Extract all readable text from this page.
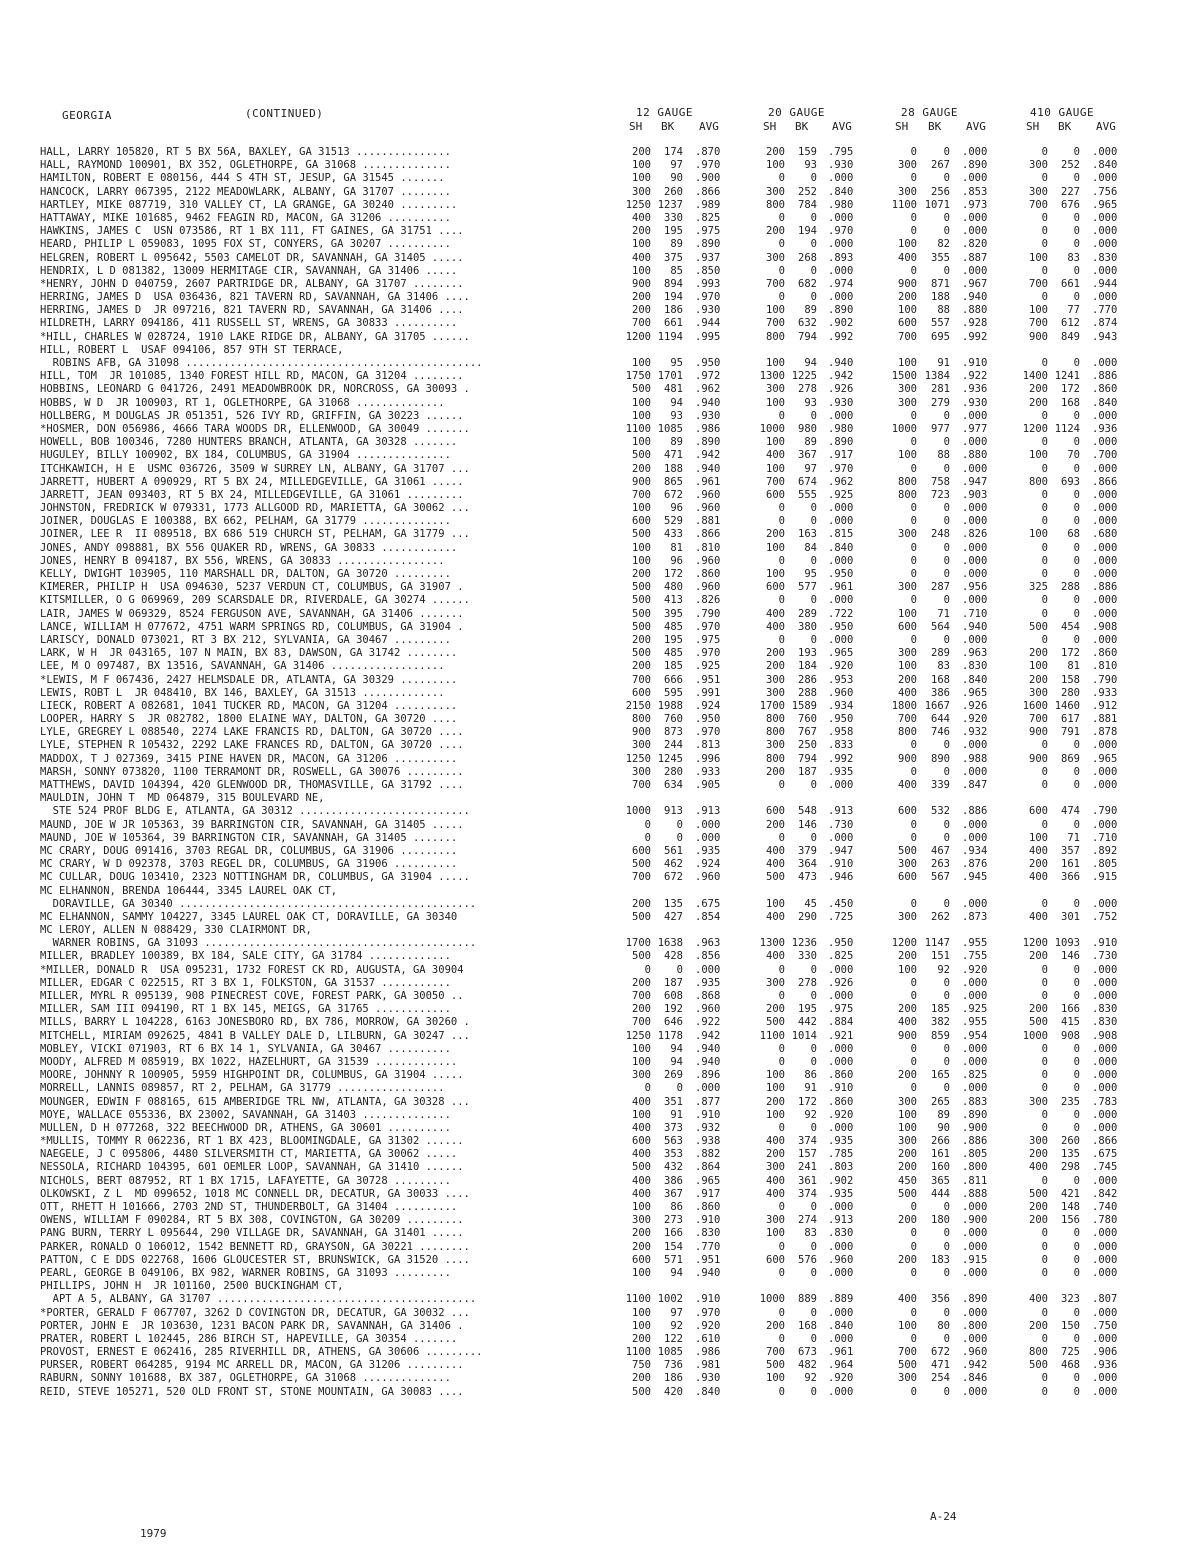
GEORGIA	(CONTINUED)	12 GAUGE	20 GAUGE	28 GAUGE	410 GAUGE
SH BK AVG	SH BK AVG	SH BK AVG	SH BK AVG
HALL, LARRY 105820, RT 5 BX 56A, BAXLEY, GA 31513 ...............	200	174 .870	200	159 .795	0	0 .000	0	0 .000
HALL, RAYMOND 100901, BX 352, OGLETHORPE, GA 31068 ..............	100	97 .970	100	93 .930	300	267 .890	300	252 .840
HAMILTON, ROBERT E 080156, 444 S 4TH ST, JESUP, GA 31545 .......	100	90 .900	0	0 .000	0	0 .000	0	0 .000
HANCOCK, LARRY 067395, 2122 MEADOWLARK, ALBANY, GA 31707 ........	300	260 .866	300	252 .840	300	256 .853	300	227 .756
HARTLEY, MIKE 087719, 310 VALLEY CT, LA GRANGE, GA 30240 .........	1250 1237 .989	800	784 .980	1100 1071 .973	700	676 .965
HATTAWAY, MIKE 101685, 9462 FEAGIN RD, MACON, GA 31206 ..........	400	330 .825	0	0 .000	0	0 .000	0	0 .000
HAWKINS, JAMES C  USN 073586, RT 1 BX 111, FT GAINES, GA 31751 ....	200	195 .975	200	194 .970	0	0 .000	0	0 .000
HEARD, PHILIP L 059083, 1095 FOX ST, CONYERS, GA 30207 ..........	100	89 .890	0	0 .000	100	82 .820	0	0 .000
HELGREN, ROBERT L 095642, 5503 CAMELOT DR, SAVANNAH, GA 31405 .....	400	375 .937	300	268 .893	400	355 .887	100	83 .830
HENDRIX, L D 081382, 13009 HERMITAGE CIR, SAVANNAH, GA 31406 .....	100	85 .850	0	0 .000	0	0 .000	0	0 .000
*HENRY, JOHN D 040759, 2607 PARTRIDGE DR, ALBANY, GA 31707 ........	900	894 .993	700	682 .974	900	871 .967	700	661 .944
HERRING, JAMES D  USA 036436, 821 TAVERN RD, SAVANNAH, GA 31406 ....	200	194 .970	0	0 .000	200	188 .940	0	0 .000
HERRING, JAMES D  JR 097216, 821 TAVERN RD, SAVANNAH, GA 31406 ....	200	186 .930	100	89 .890	100	88 .880	100	77 .770
HILDRETH, LARRY 094186, 411 RUSSELL ST, WRENS, GA 30833 ..........	700	661 .944	700	632 .902	600	557 .928	700	612 .874
*HILL, CHARLES W 028724, 1910 LAKE RIDGE DR, ALBANY, GA 31705 ......	1200 1194 .995	800	794 .992	700	695 .992	900	849 .943
HILL, ROBERT L  USAF 094106, 857 9TH ST TERRACE,
ROBINS AFB, GA 31098 ...............................................	100	95 .950	100	94 .940	100	91 .910	0	0 .000
HILL, TOM  JR 101085, 1340 FOREST HILL RD, MACON, GA 31204 ........	1750 1701 .972	1300 1225 .942	1500 1384 .922	1400 1241 .886
HOBBINS, LEONARD G 041726, 2491 MEADOWBROOK DR, NORCROSS, GA 30093 .	500	481 .962	300	278 .926	300	281 .936	200	172 .860
HOBBS, W D  JR 100903, RT 1, OGLETHORPE, GA 31068 ..............	100	94 .940	100	93 .930	300	279 .930	200	168 .840
HOLLBERG, M DOUGLAS JR 051351, 526 IVY RD, GRIFFIN, GA 30223 ......	100	93 .930	0	0 .000	0	0 .000	0	0 .000
*HOSMER, DON 056986, 4666 TARA WOODS DR, ELLENWOOD, GA 30049 .......	1100 1085 .986	1000	980 .980	1000	977 .977	1200 1124 .936
HOWELL, BOB 100346, 7280 HUNTERS BRANCH, ATLANTA, GA 30328 .......	100	89 .890	100	89 .890	0	0 .000	0	0 .000
HUGULEY, BILLY 100902, BX 184, COLUMBUS, GA 31904 ...............	500	471 .942	400	367 .917	100	88 .880	100	70 .700
ITCHKAWICH, H E  USMC 036726, 3509 W SURREY LN, ALBANY, GA 31707 ...	200	188 .940	100	97 .970	0	0 .000	0	0 .000
JARRETT, HUBERT A 090929, RT 5 BX 24, MILLEDGEVILLE, GA 31061 .....	900	865 .961	700	674 .962	800	758 .947	800	693 .866
JARRETT, JEAN 093403, RT 5 BX 24, MILLEDGEVILLE, GA 31061 .........	700	672 .960	600	555 .925	800	723 .903	0	0 .000
JOHNSTON, FREDRICK W 079331, 1773 ALLGOOD RD, MARIETTA, GA 30062 ...	100	96 .960	0	0 .000	0	0 .000	0	0 .000
JOINER, DOUGLAS E 100388, BX 662, PELHAM, GA 31779 ..............	600	529 .881	0	0 .000	0	0 .000	0	0 .000
JOINER, LEE R  II 089518, BX 686 519 CHURCH ST, PELHAM, GA 31779 ...	500	433 .866	200	163 .815	300	248 .826	100	68 .680
JONES, ANDY 098881, BX 556 QUAKER RD, WRENS, GA 30833 ............	100	81 .810	100	84 .840	0	0 .000	0	0 .000
JONES, HENRY B 094187, BX 556, WRENS, GA 30833 .................	100	96 .960	0	0 .000	0	0 .000	0	0 .000
KELLY, DWIGHT 103905, 110 MARSHALL DR, DALTON, GA 30720 .........	200	172 .860	100	95 .950	0	0 .000	0	0 .000
KIMERER, PHILIP H  USA 094630, 5237 VERDUN CT, COLUMBUS, GA 31907 .	500	480 .960	600	577 .961	300	287 .956	325	288 .886
KITSMILLER, O G 069969, 209 SCARSDALE DR, RIVERDALE, GA 30274 ......	500	413 .826	0	0 .000	0	0 .000	0	0 .000
LAIR, JAMES W 069329, 8524 FERGUSON AVE, SAVANNAH, GA 31406 .......	500	395 .790	400	289 .722	100	71 .710	0	0 .000
LANCE, WILLIAM H 077672, 4751 WARM SPRINGS RD, COLUMBUS, GA 31904 .	500	485 .970	400	380 .950	600	564 .940	500	454 .908
LARISCY, DONALD 073021, RT 3 BX 212, SYLVANIA, GA 30467 .........	200	195 .975	0	0 .000	0	0 .000	0	0 .000
LARK, W H  JR 043165, 107 N MAIN, BX 83, DAWSON, GA 31742 ........	500	485 .970	200	193 .965	300	289 .963	200	172 .860
LEE, M O 097487, BX 13516, SAVANNAH, GA 31406 ..................	200	185 .925	200	184 .920	100	83 .830	100	81 .810
*LEWIS, M F 067436, 2427 HELMSDALE DR, ATLANTA, GA 30329 .........	700	666 .951	300	286 .953	200	168 .840	200	158 .790
LEWIS, ROBT L  JR 048410, BX 146, BAXLEY, GA 31513 .............	600	595 .991	300	288 .960	400	386 .965	300	280 .933
LIECK, ROBERT A 082681, 1041 TUCKER RD, MACON, GA 31204 ..........	2150 1988 .924	1700 1589 .934	1800 1667 .926	1600 1460 .912
LOOPER, HARRY S  JR 082782, 1800 ELAINE WAY, DALTON, GA 30720 ....	800	760 .950	800	760 .950	700	644 .920	700	617 .881
LYLE, GREGREY L 088540, 2274 LAKE FRANCIS RD, DALTON, GA 30720 ....	900	873 .970	800	767 .958	800	746 .932	900	791 .878
LYLE, STEPHEN R 105432, 2292 LAKE FRANCES RD, DALTON, GA 30720 ....	300	244 .813	300	250 .833	0	0 .000	0	0 .000
MADDOX, T J 027369, 3415 PINE HAVEN DR, MACON, GA 31206 ..........	1250 1245 .996	800	794 .992	900	890 .988	900	869 .965
MARSH, SONNY 073820, 1100 TERRAMONT DR, ROSWELL, GA 30076 .........	300	280 .933	200	187 .935	0	0 .000	0	0 .000
MATTHEWS, DAVID 104394, 420 GLENWOOD DR, THOMASVILLE, GA 31792 ....	700	634 .905	0	0 .000	400	339 .847	0	0 .000
MAULDIN, JOHN T  MD 064879, 315 BOULEVARD NE,
STE 524 PROF BLDG E, ATLANTA, GA 30312 ...........................	1000	913 .913	600	548 .913	600	532 .886	600	474 .790
MAUND, JOE W JR 105363, 39 BARRINGTON CIR, SAVANNAH, GA 31405 .....	0	0 .000	200	146 .730	0	0 .000	0	0 .000
MAUND, JOE W 105364, 39 BARRINGTON CIR, SAVANNAH, GA 31405 .......	0	0 .000	0	0 .000	0	0 .000	100	71 .710
MC CRARY, DOUG 091416, 3703 REGAL DR, COLUMBUS, GA 31906 .........	600	561 .935	400	379 .947	500	467 .934	400	357 .892
MC CRARY, W D 092378, 3703 REGEL DR, COLUMBUS, GA 31906 ..........	500	462 .924	400	364 .910	300	263 .876	200	161 .805
MC CULLAR, DOUG 103410, 2323 NOTTINGHAM DR, COLUMBUS, GA 31904 .....	700	672 .960	500	473 .946	600	567 .945	400	366 .915
MC ELHANNON, BRENDA 106444, 3345 LAUREL OAK CT,
DORAVILLE, GA 30340 ...............................................	200	135 .675	100	45 .450	0	0 .000	0	0 .000
MC ELHANNON, SAMMY 104227, 3345 LAUREL OAK CT, DORAVILLE, GA 30340	500	427 .854	400	290 .725	300	262 .873	400	301 .752
MC LEROY, ALLEN N 088429, 330 CLAIRMONT DR,
WARNER ROBINS, GA 31093 ...........................................	1700 1638 .963	1300 1236 .950	1200 1147 .955	1200 1093 .910
MILLER, BRADLEY 100389, BX 184, SALE CITY, GA 31784 .............	500	428 .856	400	330 .825	200	151 .755	200	146 .730
*MILLER, DONALD R  USA 095231, 1732 FOREST CK RD, AUGUSTA, GA 30904	0	0 .000	0	0 .000	100	92 .920	0	0 .000
MILLER, EDGAR C 022515, RT 3 BX 1, FOLKSTON, GA 31537 ...........	200	187 .935	300	278 .926	0	0 .000	0	0 .000
MILLER, MYRL R 095139, 908 PINECREST COVE, FOREST PARK, GA 30050 ..	700	608 .868	0	0 .000	0	0 .000	0	0 .000
MILLER, SAM III 094190, RT 1 BX 145, MEIGS, GA 31765 ............	200	192 .960	200	195 .975	200	185 .925	200	166 .830
MILLS, BARRY L 104228, 6163 JONESBORO RD, BX 786, MORROW, GA 30260 .	700	646 .922	500	442 .884	400	382 .955	500	415 .830
MITCHELL, MIRIAM 092625, 4841 B VALLEY DALE D, LILBURN, GA 30247 ...	1250 1178 .942	1100 1014 .921	900	859 .954	1000	908 .908
MOBLEY, VICKI 071903, RT 6 BX 14 1, SYLVANIA, GA 30467 ..........	100	94 .940	0	0 .000	0	0 .000	0	0 .000
MOODY, ALFRED M 085919, BX 1022, HAZELHURT, GA 31539 .............	100	94 .940	0	0 .000	0	0 .000	0	0 .000
MOORE, JOHNNY R 100905, 5959 HIGHPOINT DR, COLUMBUS, GA 31904 .....	300	269 .896	100	86 .860	200	165 .825	0	0 .000
MORRELL, LANNIS 089857, RT 2, PELHAM, GA 31779 .................	0	0 .000	100	91 .910	0	0 .000	0	0 .000
MOUNGER, EDWIN F 088165, 615 AMBERIDGE TRL NW, ATLANTA, GA 30328 ...	400	351 .877	200	172 .860	300	265 .883	300	235 .783
MOYE, WALLACE 055336, BX 23002, SAVANNAH, GA 31403 ..............	100	91 .910	100	92 .920	100	89 .890	0	0 .000
MULLEN, D H 077268, 322 BEECHWOOD DR, ATHENS, GA 30601 ..........	400	373 .932	0	0 .000	100	90 .900	0	0 .000
*MULLIS, TOMMY R 062236, RT 1 BX 423, BLOOMINGDALE, GA 31302 ......	600	563 .938	400	374 .935	300	266 .886	300	260 .866
NAEGELE, J C 095806, 4480 SILVERSMITH CT, MARIETTA, GA 30062 .....	400	353 .882	200	157 .785	200	161 .805	200	135 .675
NESSOLA, RICHARD 104395, 601 OEMLER LOOP, SAVANNAH, GA 31410 ......	500	432 .864	300	241 .803	200	160 .800	400	298 .745
NICHOLS, BERT 087952, RT 1 BX 1715, LAFAYETTE, GA 30728 .........	400	386 .965	400	361 .902	450	365 .811	0	0 .000
OLKOWSKI, Z L  MD 099652, 1018 MC CONNELL DR, DECATUR, GA 30033 ....	400	367 .917	400	374 .935	500	444 .888	500	421 .842
OTT, RHETT H 101666, 2703 2ND ST, THUNDERBOLT, GA 31404 ..........	100	86 .860	0	0 .000	0	0 .000	200	148 .740
OWENS, WILLIAM F 090284, RT 5 BX 308, COVINGTON, GA 30209 .........	300	273 .910	300	274 .913	200	180 .900	200	156 .780
PANG BURN, TERRY L 095644, 290 VILLAGE DR, SAVANNAH, GA 31401 .....	200	166 .830	100	83 .830	0	0 .000	0	0 .000
PARKER, RONALD O 106012, 1542 BENNETT RD, GRAYSON, GA 30221 ........	200	154 .770	0	0 .000	0	0 .000	0	0 .000
PATTON, C E DDS 022768, 1606 GLOUCESTER ST, BRUNSWICK, GA 31520 ....	600	571 .951	600	576 .960	200	183 .915	0	0 .000
PEARL, GEORGE B 049106, BX 982, WARNER ROBINS, GA 31093 .........	100	94 .940	0	0 .000	0	0 .000	0	0 .000
PHILLIPS, JOHN H  JR 101160, 2500 BUCKINGHAM CT,
APT A 5, ALBANY, GA 31707 .........................................	1100 1002 .910	1000	889 .889	400	356 .890	400	323 .807
*PORTER, GERALD F 067707, 3262 D COVINGTON DR, DECATUR, GA 30032 ...	100	97 .970	0	0 .000	0	0 .000	0	0 .000
PORTER, JOHN E  JR 103630, 1231 BACON PARK DR, SAVANNAH, GA 31406 .	100	92 .920	200	168 .840	100	80 .800	200	150 .750
PRATER, ROBERT L 102445, 286 BIRCH ST, HAPEVILLE, GA 30354 .......	200	122 .610	0	0 .000	0	0 .000	0	0 .000
PROVOST, ERNEST E 062416, 285 RIVERHILL DR, ATHENS, GA 30606 .........	1100 1085 .986	700	673 .961	700	672 .960	800	725 .906
PURSER, ROBERT 064285, 9194 MC ARRELL DR, MACON, GA 31206 .........	750	736 .981	500	482 .964	500	471 .942	500	468 .936
RABURN, SONNY 101688, BX 387, OGLETHORPE, GA 31068 ..............	200	186 .930	100	92 .920	300	254 .846	0	0 .000
REID, STEVE 105271, 520 OLD FRONT ST, STONE MOUNTAIN, GA 30083 ....	500	420 .840	0	0 .000	0	0 .000	0	0 .000
1979
A-24
